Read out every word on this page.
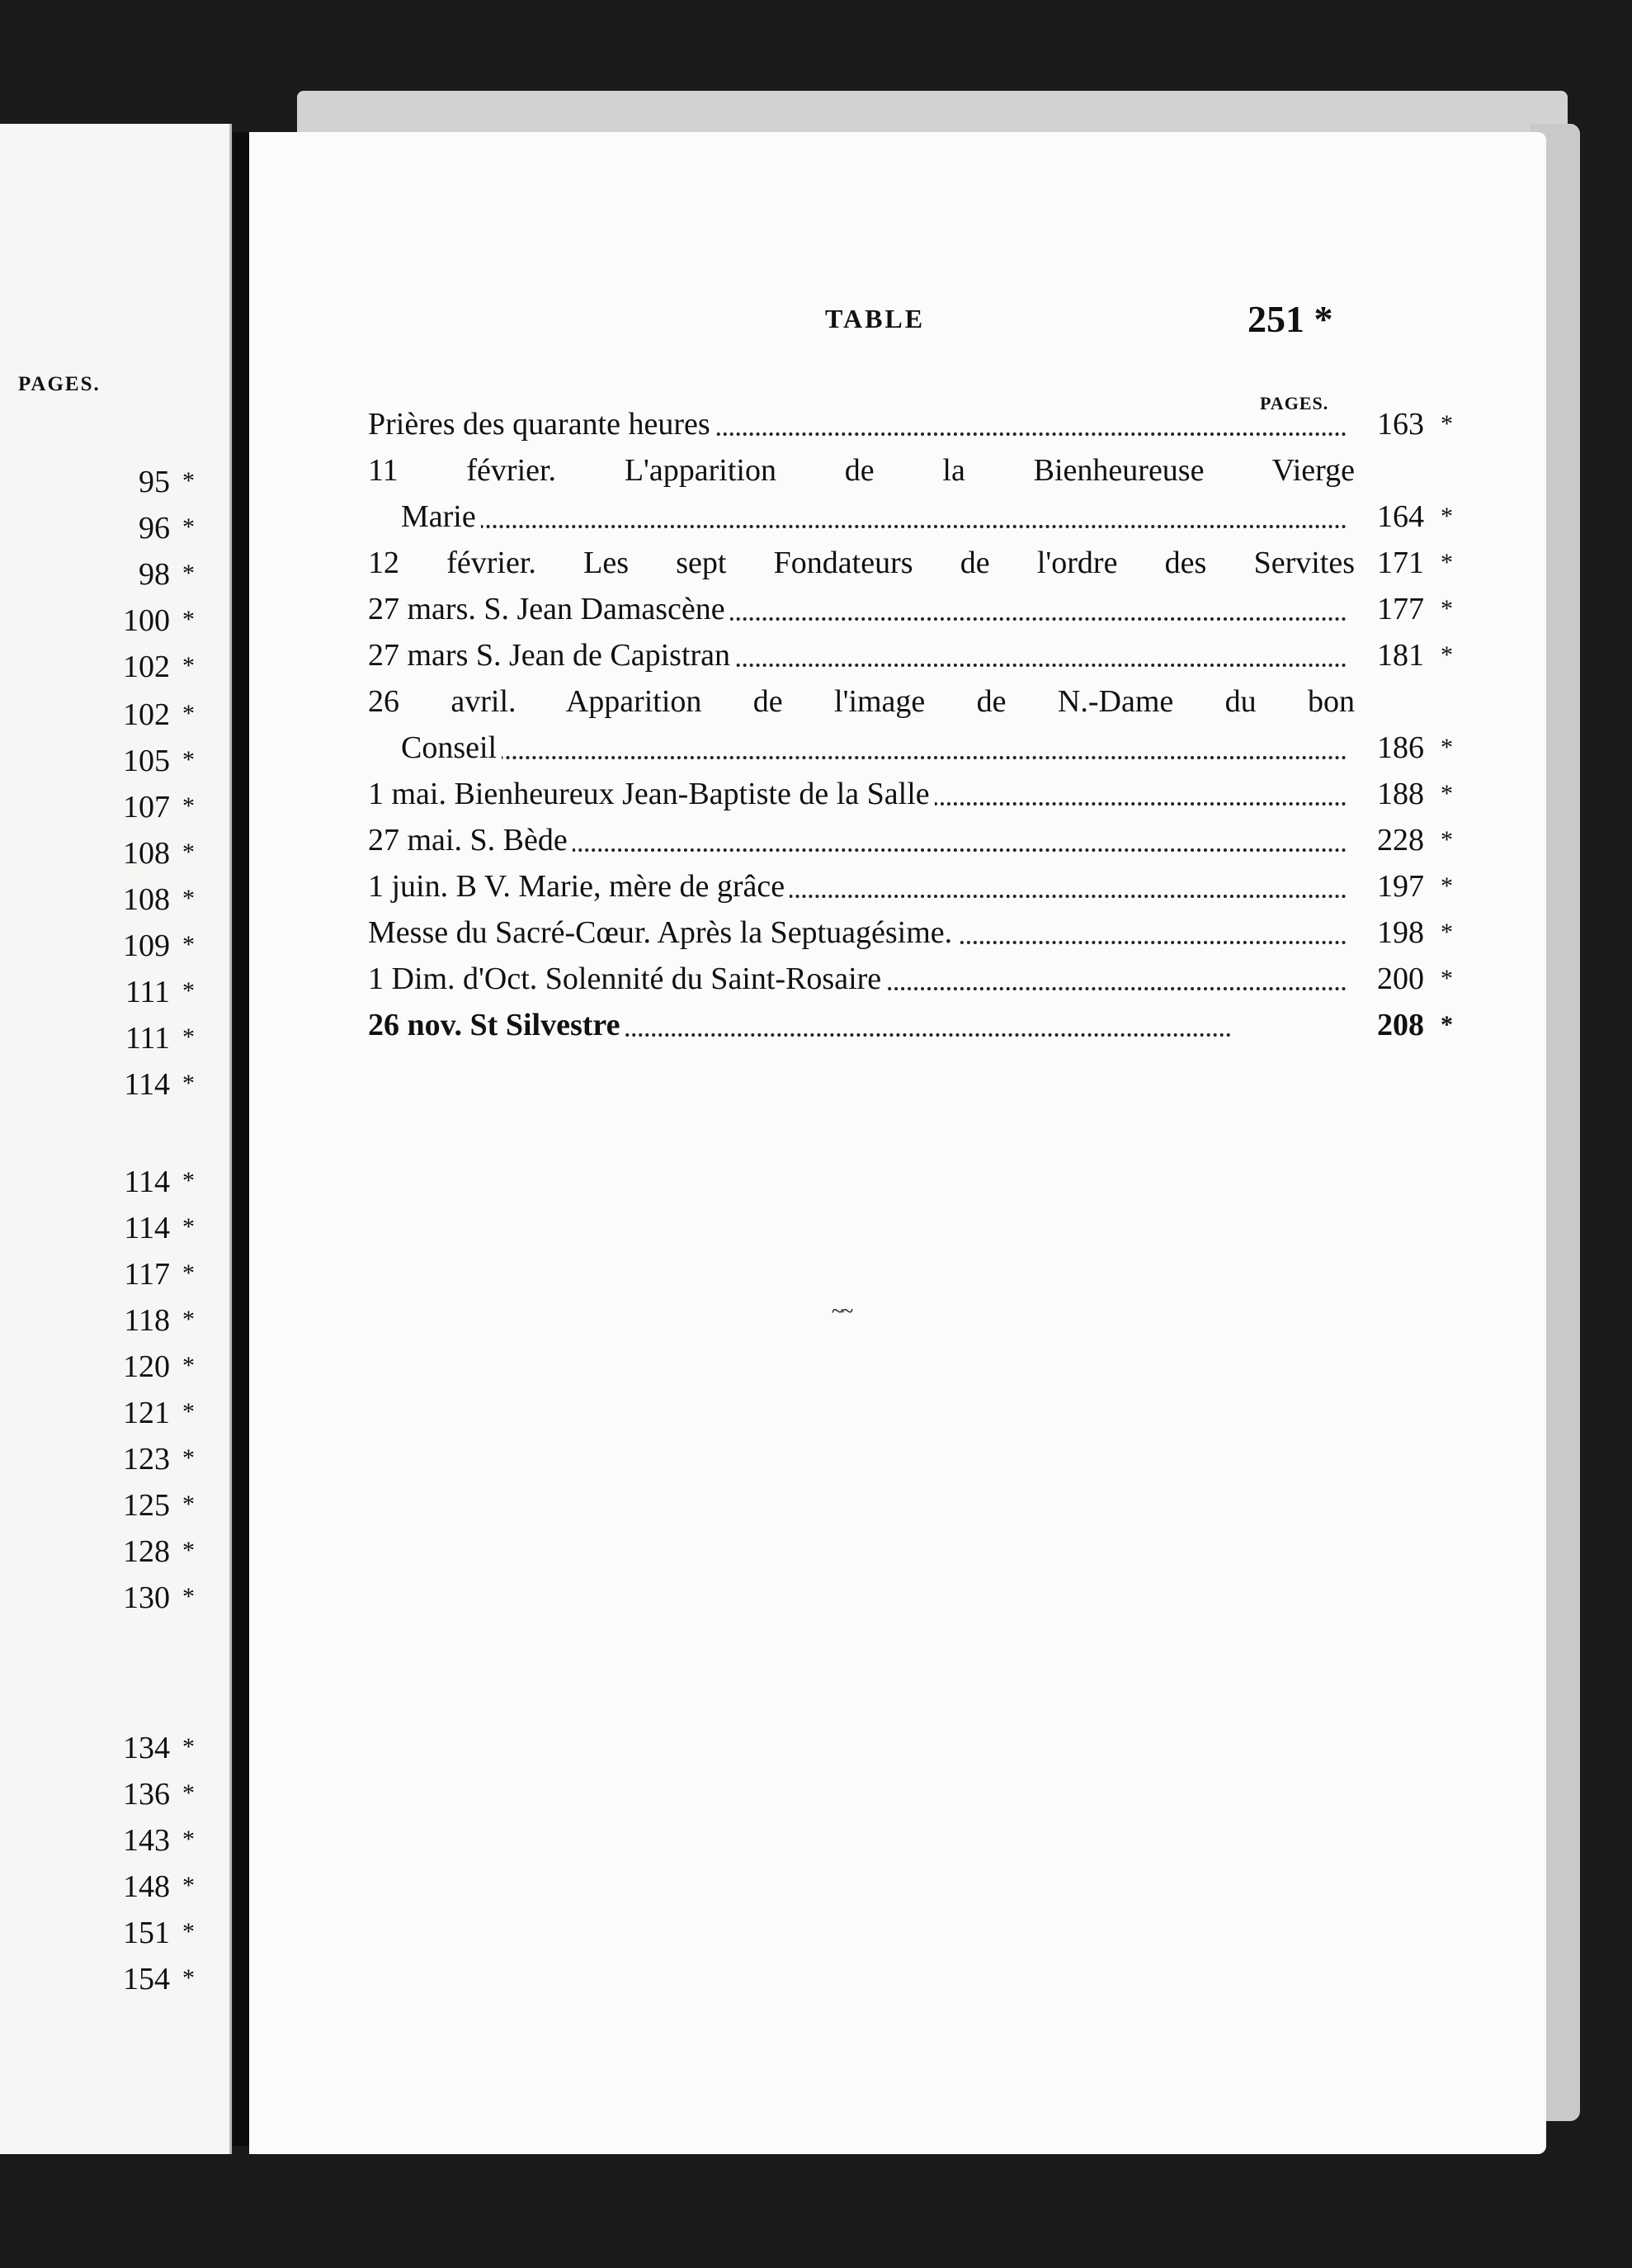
PAGES.
95 *
96 *
98 *
100 *
102 *
102 *
105 *
107 *
108 *
108 *
109 *
111 *
111 *
114 *
114 *
114 *
117 *
118 *
120 *
121 *
123 *
125 *
128 *
130 *
134 *
136 *
143 *
148 *
151 *
154 *
TABLE	251 *
PAGES.
Prières des quarante heures	163 *
11 février. L'apparition de la Bienheureuse Vierge
Marie	164 *
12 février. Les sept Fondateurs de l'ordre des Servites 171 *
27 mars. S. Jean Damascène	177 *
27 mars S. Jean de Capistran	181 *
26 avril. Apparition de l'image de N.-Dame du bon
Conseil	186 *
1 mai. Bienheureux Jean-Baptiste de la Salle	188 *
27 mai. S. Bède	228 *
1 juin. B V. Marie, mère de grâce	197 *
Messe du Sacré-Cœur. Après la Septuagésime.	198 *
1 Dim. d'Oct. Solennité du Saint-Rosaire	200 *
26 nov. St Silvestre	208 *
~~
